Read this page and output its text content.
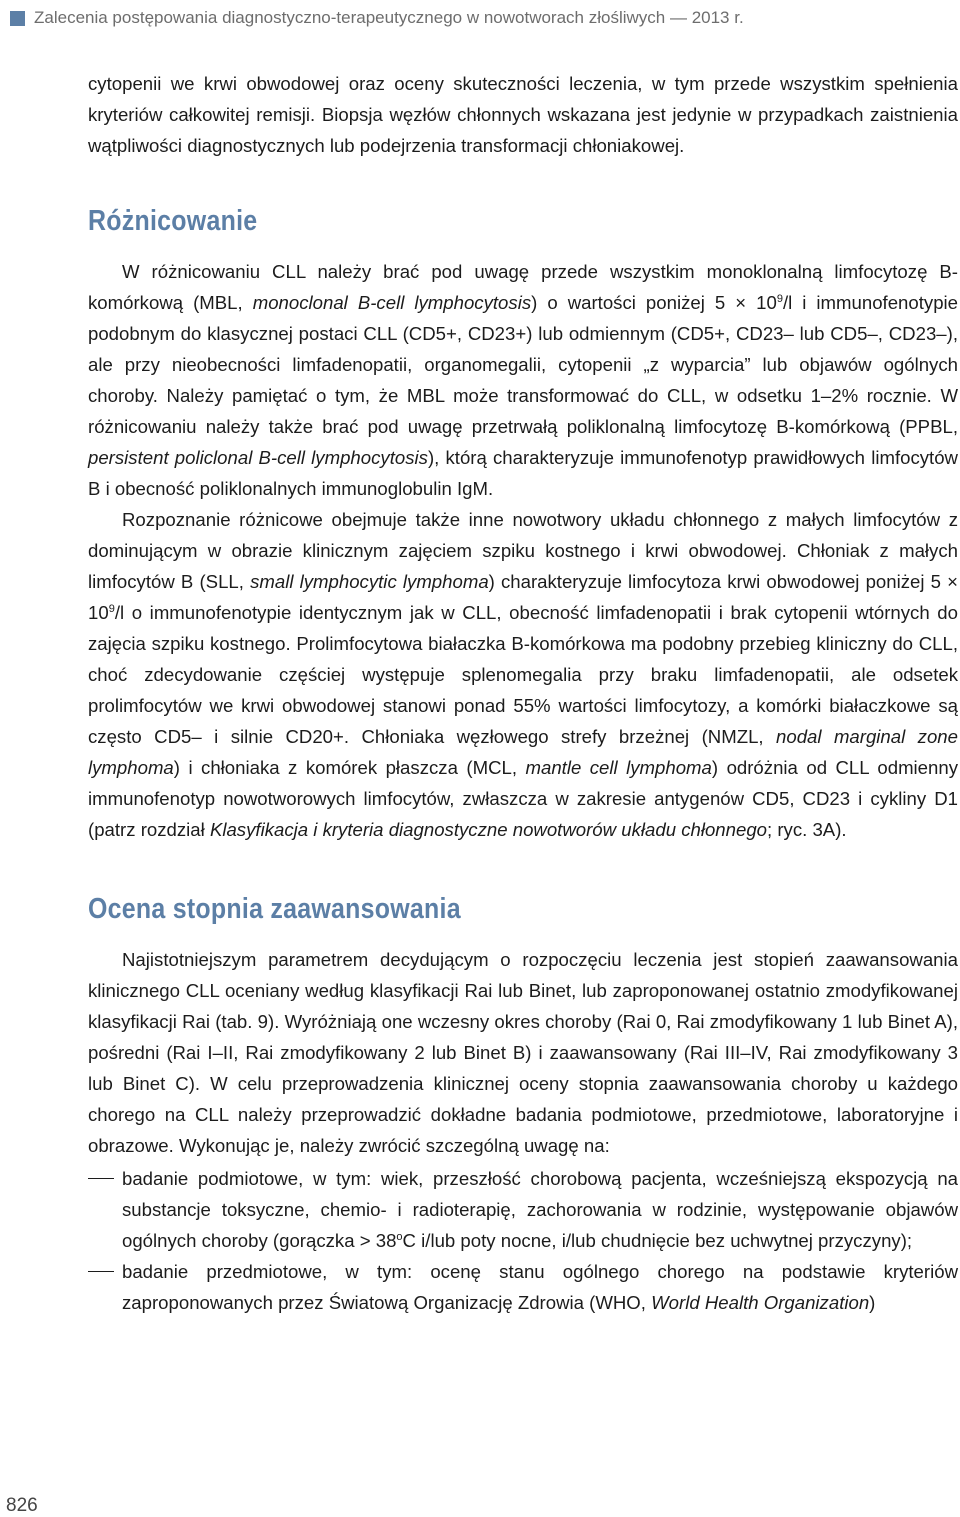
Zalecenia postępowania diagnostyczno-terapeutycznego w nowotworach złośliwych — 2013 r.

cytopenii we krwi obwodowej oraz oceny skuteczności leczenia, w tym przede wszystkim spełnienia kryteriów całkowitej remisji. Biopsja węzłów chłonnych wskazana jest jedynie w przypadkach zaistnienia wątpliwości diagnostycznych lub podejrzenia transformacji chłoniakowej.

Różnicowanie

W różnicowaniu CLL należy brać pod uwagę przede wszystkim monoklonalną limfocytozę B-komórkową (MBL, monoclonal B-cell lymphocytosis) o wartości poniżej $5 \times 10^9/l$ i immunofenotypie podobnym do klasycznej postaci CLL (CD5+, CD23+) lub odmiennym (CD5+, CD23– lub CD5–, CD23–), ale przy nieobecności limfadenopatii, organomegalii, cytopenii „z wyparcia” lub objawów ogólnych choroby. Należy pamiętać o tym, że MBL może transformować do CLL, w odsetku 1–2% rocznie. W różnicowaniu należy także brać pod uwagę przetrwałą poliklonalną limfocytozę B-komórkową (PPBL, persistent policlonal B-cell lymphocytosis), którą charakteryzuje immunofenotyp prawidłowych limfocytów B i obecność poliklonalnych immunoglobulin IgM.

Rozpoznanie różnicowe obejmuje także inne nowotwory układu chłonnego z małych limfocytów z dominującym w obrazie klinicznym zajęciem szpiku kostnego i krwi obwodowej. Chłoniak z małych limfocytów B (SLL, small lymphocytic lymphoma) charakteryzuje limfocytoza krwi obwodowej poniżej $5 \times 10^9/l$ o immunofenotypie identycznym jak w CLL, obecność limfadenopatii i brak cytopenii wtórnych do zajęcia szpiku kostnego. Prolimfocytowa białaczka B-komórkowa ma podobny przebieg kliniczny do CLL, choć zdecydowanie częściej występuje splenomegalia przy braku limfadenopatii, ale odsetek prolimfocytów we krwi obwodowej stanowi ponad 55% wartości limfocytozy, a komórki białaczkowe są często CD5– i silnie CD20+. Chłoniaka węzłowego strefy brzeżnej (NMZL, nodal marginal zone lymphoma) i chłoniaka z komórek płaszcza (MCL, mantle cell lymphoma) odróżnia od CLL odmienny immunofenotyp nowotworowych limfocytów, zwłaszcza w zakresie antygenów CD5, CD23 i cykliny D1 (patrz rozdział Klasyfikacja i kryteria diagnostyczne nowotworów układu chłonnego; ryc. 3A).

Ocena stopnia zaawansowania

Najistotniejszym parametrem decydującym o rozpoczęciu leczenia jest stopień zaawansowania klinicznego CLL oceniany według klasyfikacji Rai lub Binet, lub zaproponowanej ostatnio zmodyfikowanej klasyfikacji Rai (tab. 9). Wyróżniają one wczesny okres choroby (Rai 0, Rai zmodyfikowany 1 lub Binet A), pośredni (Rai I–II, Rai zmodyfikowany 2 lub Binet B) i zaawansowany (Rai III–IV, Rai zmodyfikowany 3 lub Binet C). W celu przeprowadzenia klinicznej oceny stopnia zaawansowania choroby u każdego chorego na CLL należy przeprowadzić dokładne badania podmiotowe, przedmiotowe, laboratoryjne i obrazowe. Wykonując je, należy zwrócić szczególną uwagę na:

badanie podmiotowe, w tym: wiek, przeszłość chorobową pacjenta, wcześniejszą ekspozycją na substancje toksyczne, chemio- i radioterapię, zachorowania w rodzinie, występowanie objawów ogólnych choroby (gorączka > $38^oC$ i/lub poty nocne, i/lub chudnięcie bez uchwytnej przyczyny);
badanie przedmiotowe, w tym: ocenę stanu ogólnego chorego na podstawie kryteriów zaproponowanych przez Światową Organizację Zdrowia (WHO, World Health Organization)
826
